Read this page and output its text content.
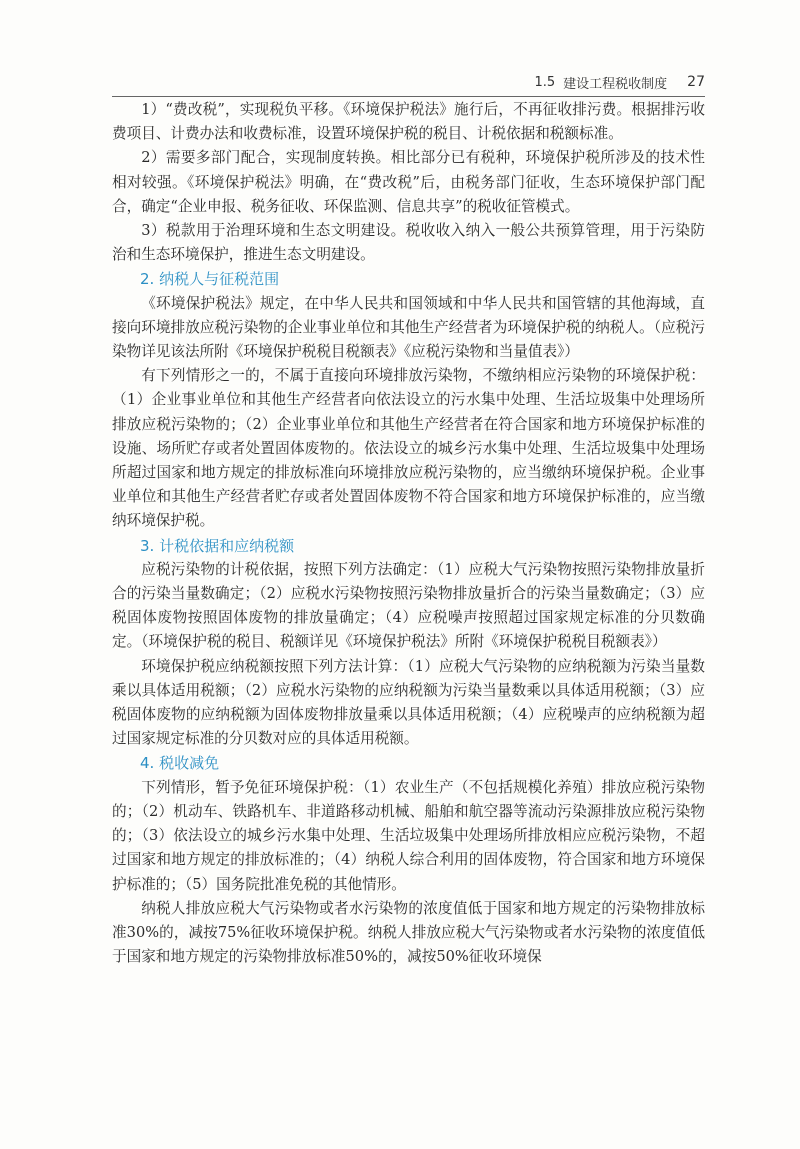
1.5 建设工程税收制度 27

1）“费改税”，实现税负平移。《环境保护税法》施行后，不再征收排污费。根据排污收费项目、计费办法和收费标准，设置环境保护税的税目、计税依据和税额标准。

2）需要多部门配合，实现制度转换。相比部分已有税种，环境保护税所涉及的技术性相对较强。《环境保护税法》明确，在“费改税”后，由税务部门征收，生态环境保护部门配合，确定“企业申报、税务征收、环保监测、信息共享”的税收征管模式。

3）税款用于治理环境和生态文明建设。税收收入纳入一般公共预算管理，用于污染防治和生态环境保护，推进生态文明建设。

2. 纳税人与征税范围

《环境保护税法》规定，在中华人民共和国领域和中华人民共和国管辖的其他海域，直接向环境排放应税污染物的企业事业单位和其他生产经营者为环境保护税的纳税人。（应税污染物详见该法所附《环境保护税税目税额表》《应税污染物和当量值表》）

有下列情形之一的，不属于直接向环境排放污染物，不缴纳相应污染物的环境保护税：（1）企业事业单位和其他生产经营者向依法设立的污水集中处理、生活垃圾集中处理场所排放应税污染物的；（2）企业事业单位和其他生产经营者在符合国家和地方环境保护标准的设施、场所贮存或者处置固体废物的。依法设立的城乡污水集中处理、生活垃圾集中处理场所超过国家和地方规定的排放标准向环境排放应税污染物的，应当缴纳环境保护税。企业事业单位和其他生产经营者贮存或者处置固体废物不符合国家和地方环境保护标准的，应当缴纳环境保护税。

3. 计税依据和应纳税额

应税污染物的计税依据，按照下列方法确定：（1）应税大气污染物按照污染物排放量折合的污染当量数确定；（2）应税水污染物按照污染物排放量折合的污染当量数确定；（3）应税固体废物按照固体废物的排放量确定；（4）应税噪声按照超过国家规定标准的分贝数确定。（环境保护税的税目、税额详见《环境保护税法》所附《环境保护税税目税额表》）

环境保护税应纳税额按照下列方法计算：（1）应税大气污染物的应纳税额为污染当量数乘以具体适用税额；（2）应税水污染物的应纳税额为污染当量数乘以具体适用税额；（3）应税固体废物的应纳税额为固体废物排放量乘以具体适用税额；（4）应税噪声的应纳税额为超过国家规定标准的分贝数对应的具体适用税额。

4. 税收减免

下列情形，暂予免征环境保护税：（1）农业生产（不包括规模化养殖）排放应税污染物的；（2）机动车、铁路机车、非道路移动机械、船舶和航空器等流动污染源排放应税污染物的；（3）依法设立的城乡污水集中处理、生活垃圾集中处理场所排放相应应税污染物，不超过国家和地方规定的排放标准的；（4）纳税人综合利用的固体废物，符合国家和地方环境保护标准的；（5）国务院批准免税的其他情形。

纳税人排放应税大气污染物或者水污染物的浓度值低于国家和地方规定的污染物排放标准30%的，减按75%征收环境保护税。纳税人排放应税大气污染物或者水污染物的浓度值低于国家和地方规定的污染物排放标准50%的，减按50%征收环境保
